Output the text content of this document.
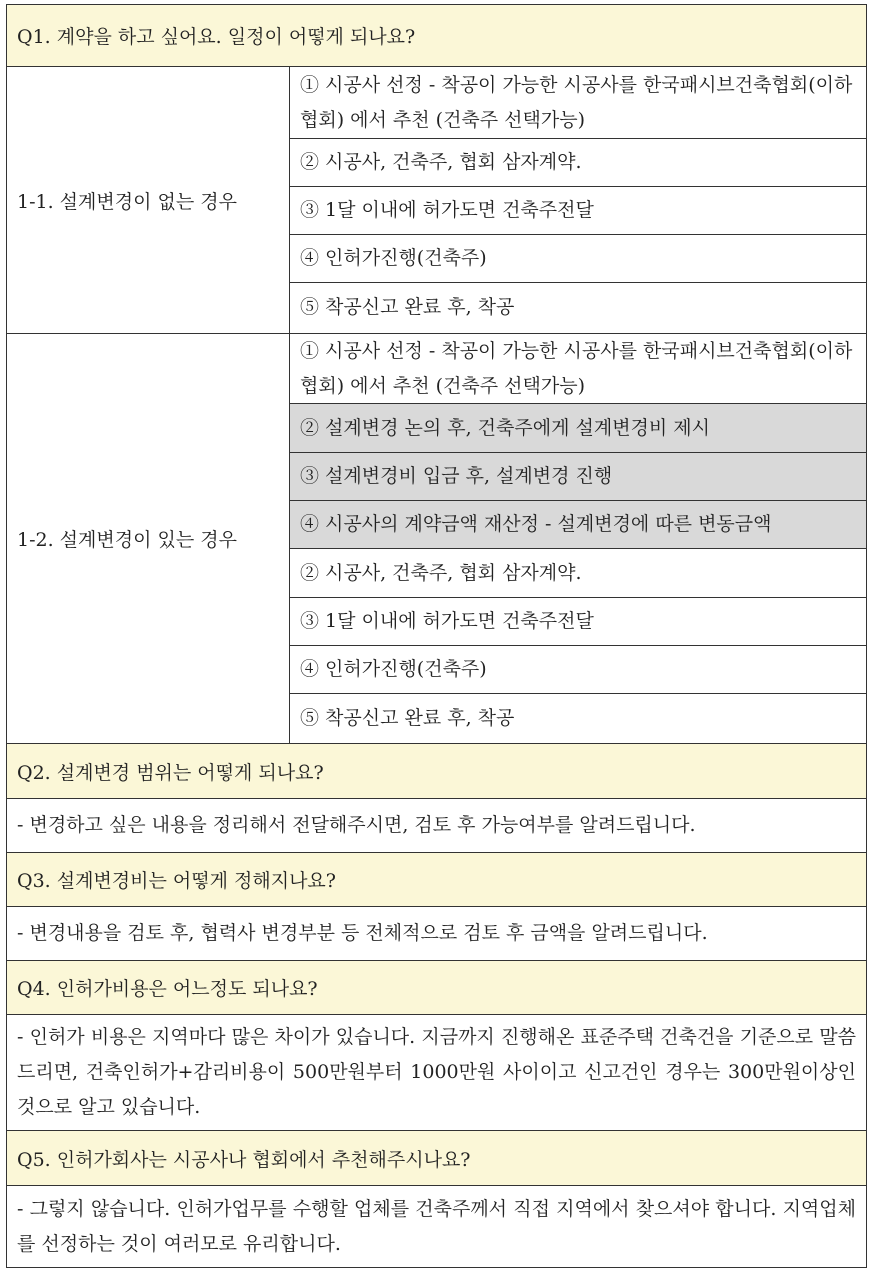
Q1. 계약을 하고 싶어요. 일정이 어떻게 되나요?
1-1. 설계변경이 없는 경우
① 시공사 선정 - 착공이 가능한 시공사를 한국패시브건축협회(이하 협회) 에서 추천 (건축주 선택가능)
② 시공사, 건축주, 협회 삼자계약.
③ 1달 이내에 허가도면 건축주전달
④ 인허가진행(건축주)
⑤ 착공신고 완료 후, 착공
1-2. 설계변경이 있는 경우
① 시공사 선정 - 착공이 가능한 시공사를 한국패시브건축협회(이하 협회) 에서 추천 (건축주 선택가능)
② 설계변경 논의 후, 건축주에게 설계변경비 제시
③ 설계변경비 입금 후, 설계변경 진행
④ 시공사의 계약금액 재산정 - 설계변경에 따른 변동금액
② 시공사, 건축주, 협회 삼자계약.
③ 1달 이내에 허가도면 건축주전달
④ 인허가진행(건축주)
⑤ 착공신고 완료 후, 착공
Q2. 설계변경 범위는 어떻게 되나요?
- 변경하고 싶은 내용을 정리해서 전달해주시면, 검토 후 가능여부를 알려드립니다.
Q3. 설계변경비는 어떻게 정해지나요?
- 변경내용을 검토 후, 협력사 변경부분 등 전체적으로 검토 후 금액을 알려드립니다.
Q4. 인허가비용은 어느정도 되나요?
- 인허가 비용은 지역마다 많은 차이가 있습니다. 지금까지 진행해온 표준주택 건축건을 기준으로 말씀드리면, 건축인허가+감리비용이 500만원부터 1000만원 사이이고 신고건인 경우는 300만원이상인 것으로 알고 있습니다.
Q5. 인허가회사는 시공사나 협회에서 추천해주시나요?
- 그렇지 않습니다. 인허가업무를 수행할 업체를 건축주께서 직접 지역에서 찾으셔야 합니다. 지역업체를 선정하는 것이 여러모로 유리합니다.
